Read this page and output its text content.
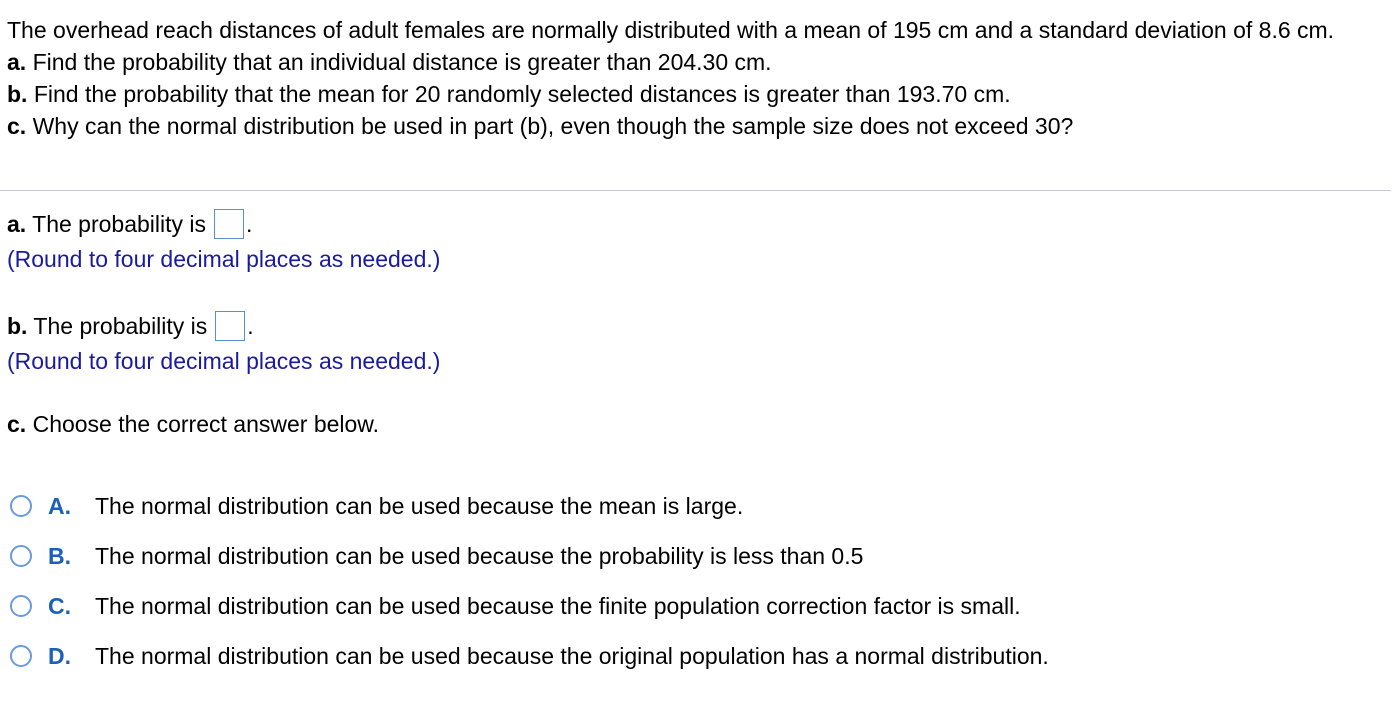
The overhead reach distances of adult females are normally distributed with a mean of 195 cm and a standard deviation of 8.6 cm.

a. Find the probability that an individual distance is greater than 204.30 cm.

b. Find the probability that the mean for 20 randomly selected distances is greater than 193.70 cm.

c. Why can the normal distribution be used in part (b), even though the sample size does not exceed 30?

a. The probability is .
(Round to four decimal places as needed.)
b. The probability is .
(Round to four decimal places as needed.)
c. Choose the correct answer below.
A.	The normal distribution can be used because the mean is large.
B.	The normal distribution can be used because the probability is less than 0.5
C.	The normal distribution can be used because the finite population correction factor is small.
D.	The normal distribution can be used because the original population has a normal distribution.
